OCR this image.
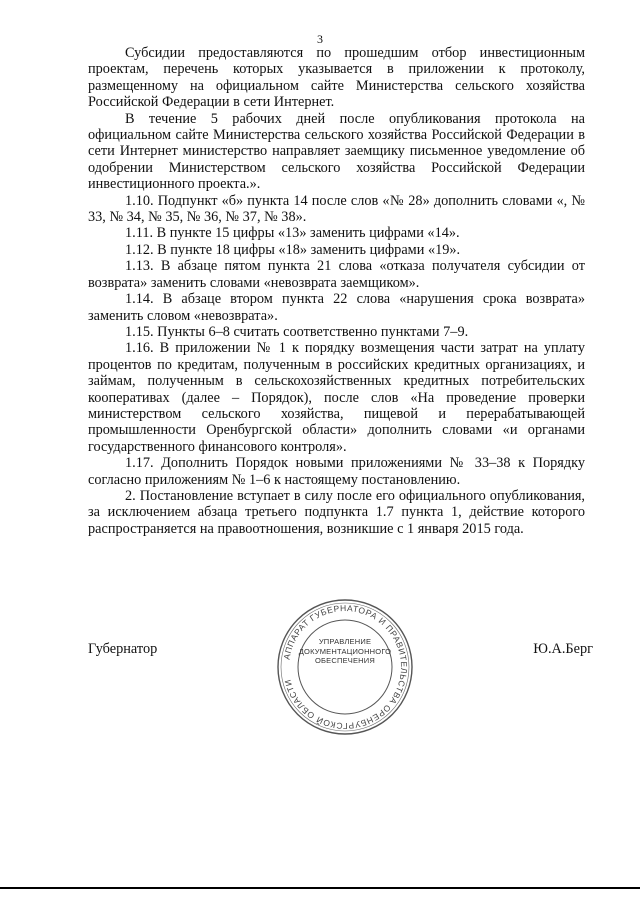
3

Субсидии предоставляются по прошедшим отбор инвестиционным проектам, перечень которых указывается в приложении к протоколу, размещенному на официальном сайте Министерства сельского хозяйства Российской Федерации в сети Интернет.

В течение 5 рабочих дней после опубликования протокола на официальном сайте Министерства сельского хозяйства Российской Федерации в сети Интернет министерство направляет заемщику письменное уведомление об одобрении Министерством сельского хозяйства Российской Федерации инвестиционного проекта.».

1.10. Подпункт «б» пункта 14 после слов «№ 28» дополнить словами «, № 33, № 34, № 35, № 36, № 37, № 38».

1.11. В пункте 15 цифры «13» заменить цифрами «14».

1.12. В пункте 18 цифры «18» заменить цифрами «19».

1.13. В абзаце пятом пункта 21 слова «отказа получателя субсидии от возврата» заменить словами «невозврата заемщиком».

1.14. В абзаце втором пункта 22 слова «нарушения срока возврата» заменить словом «невозврата».

1.15. Пункты 6–8 считать соответственно пунктами 7–9.

1.16. В приложении № 1 к порядку возмещения части затрат на уплату процентов по кредитам, полученным в российских кредитных организациях, и займам, полученным в сельскохозяйственных кредитных потребительских кооперативах (далее – Порядок), после слов «На проведение проверки министерством сельского хозяйства, пищевой и перерабатывающей промышленности Оренбургской области» дополнить словами «и органами государственного финансового контроля».

1.17. Дополнить Порядок новыми приложениями № 33–38 к Порядку согласно приложениям № 1–6 к настоящему постановлению.

2. Постановление вступает в силу после его официального опубликования, за исключением абзаца третьего подпункта 1.7 пункта 1, действие которого распространяется на правоотношения, возникшие с 1 января 2015 года.

Губернатор	Ю.А.Берг
АППАРАТ ГУБЕРНАТОРА И ПРАВИТЕЛЬСТВА ОРЕНБУРГСКОЙ ОБЛАСТИ
УПРАВЛЕНИЕ
ДОКУМЕНТАЦИОННОГО
ОБЕСПЕЧЕНИЯ
